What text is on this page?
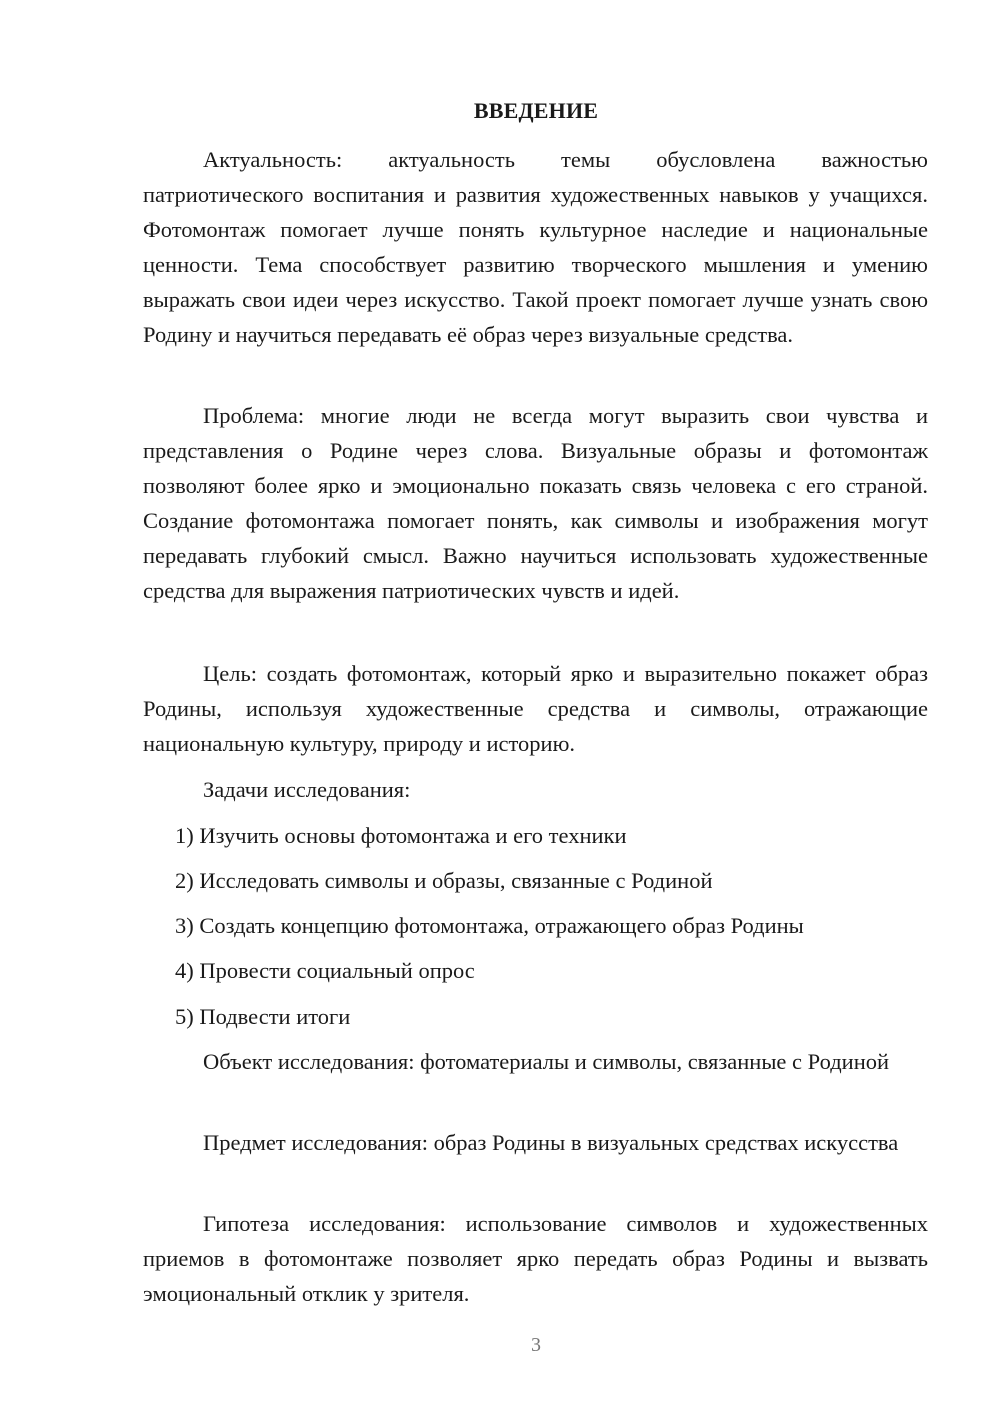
ВВЕДЕНИЕ

Актуальность: актуальность темы обусловлена важностью патриотического воспитания и развития художественных навыков у учащихся. Фотомонтаж помогает лучше понять культурное наследие и национальные ценности. Тема способствует развитию творческого мышления и умению выражать свои идеи через искусство. Такой проект помогает лучше узнать свою Родину и научиться передавать её образ через визуальные средства.

Проблема: многие люди не всегда могут выразить свои чувства и представления о Родине через слова. Визуальные образы и фотомонтаж позволяют более ярко и эмоционально показать связь человека с его страной. Создание фотомонтажа помогает понять, как символы и изображения могут передавать глубокий смысл. Важно научиться использовать художественные средства для выражения патриотических чувств и идей.

Цель: создать фотомонтаж, который ярко и выразительно покажет образ Родины, используя художественные средства и символы, отражающие национальную культуру, природу и историю.

Задачи исследования:

1) Изучить основы фотомонтажа и его техники
2) Исследовать символы и образы, связанные с Родиной
3) Создать концепцию фотомонтажа, отражающего образ Родины
4) Провести социальный опрос
5) Подвести итоги

Объект исследования: фотоматериалы и символы, связанные с Родиной

Предмет исследования: образ Родины в визуальных средствах искусства

Гипотеза исследования: использование символов и художественных приемов в фотомонтаже позволяет ярко передать образ Родины и вызвать эмоциональный отклик у зрителя.

3
